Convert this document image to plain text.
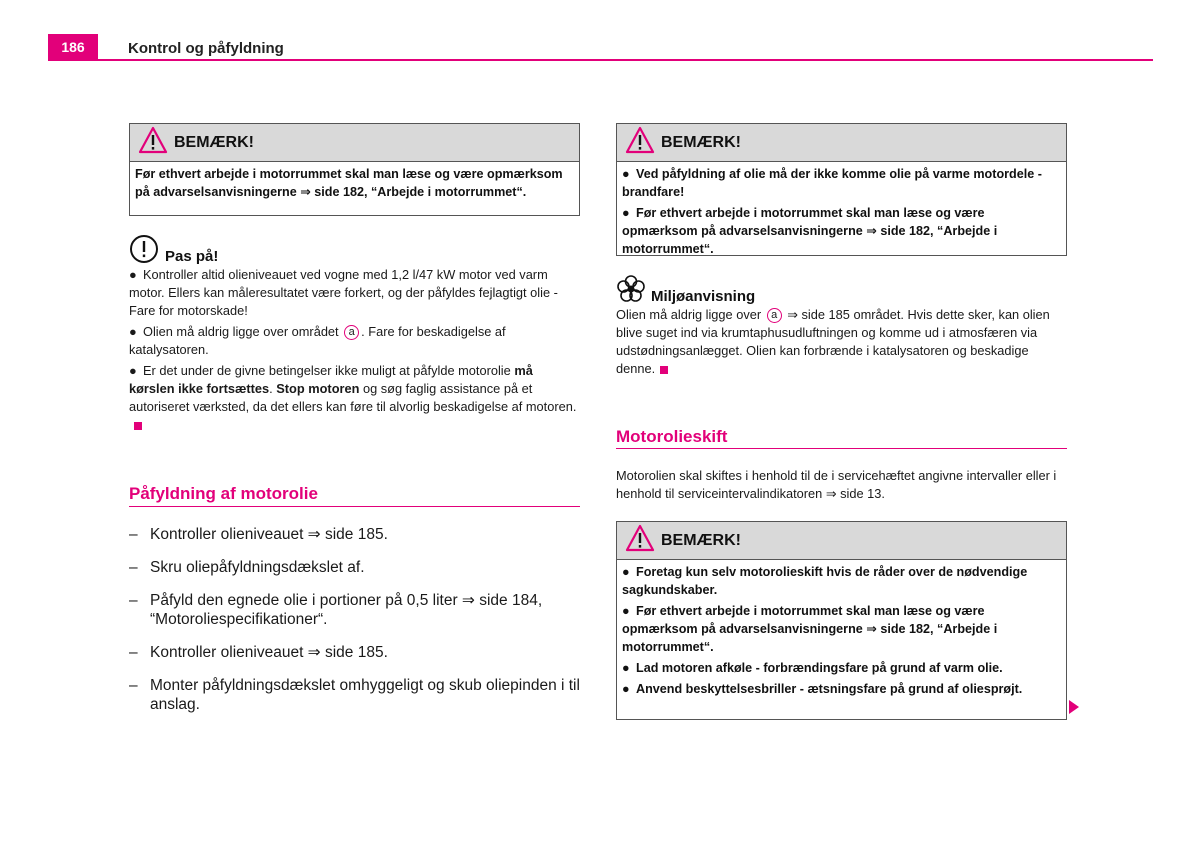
186	Kontrol og påfyldning
BEMÆRK!

Før ethvert arbejde i motorrummet skal man læse og være opmærksom på advarselsanvisningerne ⇒ side 182, “Arbejde i motorrummet“.

Pas på!

● Kontroller altid olieniveauet ved vogne med 1,2 l/47 kW motor ved varm motor. Ellers kan måleresultatet være forkert, og der påfyldes fejlagtigt olie - Fare for motorskade!

● Olien må aldrig ligge over området a . Fare for beskadigelse af katalysatoren.

● Er det under de givne betingelser ikke muligt at påfylde motorolie må kørslen ikke fortsættes. Stop motoren og søg faglig assistance på et autoriseret værksted, da det ellers kan føre til alvorlig beskadigelse af motoren.

Påfyldning af motorolie
– Kontroller olieniveauet ⇒ side 185.
– Skru oliepåfyldningsdækslet af.
– Påfyld den egnede olie i portioner på 0,5 liter ⇒ side 184, “Motoroliespecifikationer“.
– Kontroller olieniveauet ⇒ side 185.
– Monter påfyldningsdækslet omhyggeligt og skub oliepinden i til anslag.
BEMÆRK!

● Ved påfyldning af olie må der ikke komme olie på varme motordele - brandfare!

● Før ethvert arbejde i motorrummet skal man læse og være opmærksom på advarselsanvisningerne ⇒ side 182, “Arbejde i motorrummet“.

Miljøanvisning

Olien må aldrig ligge over a ⇒ side 185 området. Hvis dette sker, kan olien blive suget ind via krumtaphusudluftningen og komme ud i atmosfæren via udstødningsanlægget. Olien kan forbrænde i katalysatoren og beskadige denne.

Motorolieskift

Motorolien skal skiftes i henhold til de i servicehæftet angivne intervaller eller i henhold til serviceintervalindikatoren ⇒ side 13.

BEMÆRK!

● Foretag kun selv motorolieskift hvis de råder over de nødvendige sagkundskaber.

● Før ethvert arbejde i motorrummet skal man læse og være opmærksom på advarselsanvisningerne ⇒ side 182, “Arbejde i motorrummet“.

● Lad motoren afkøle - forbrændingsfare på grund af varm olie.

● Anvend beskyttelsesbriller - ætsningsfare på grund af oliesprøjt.
